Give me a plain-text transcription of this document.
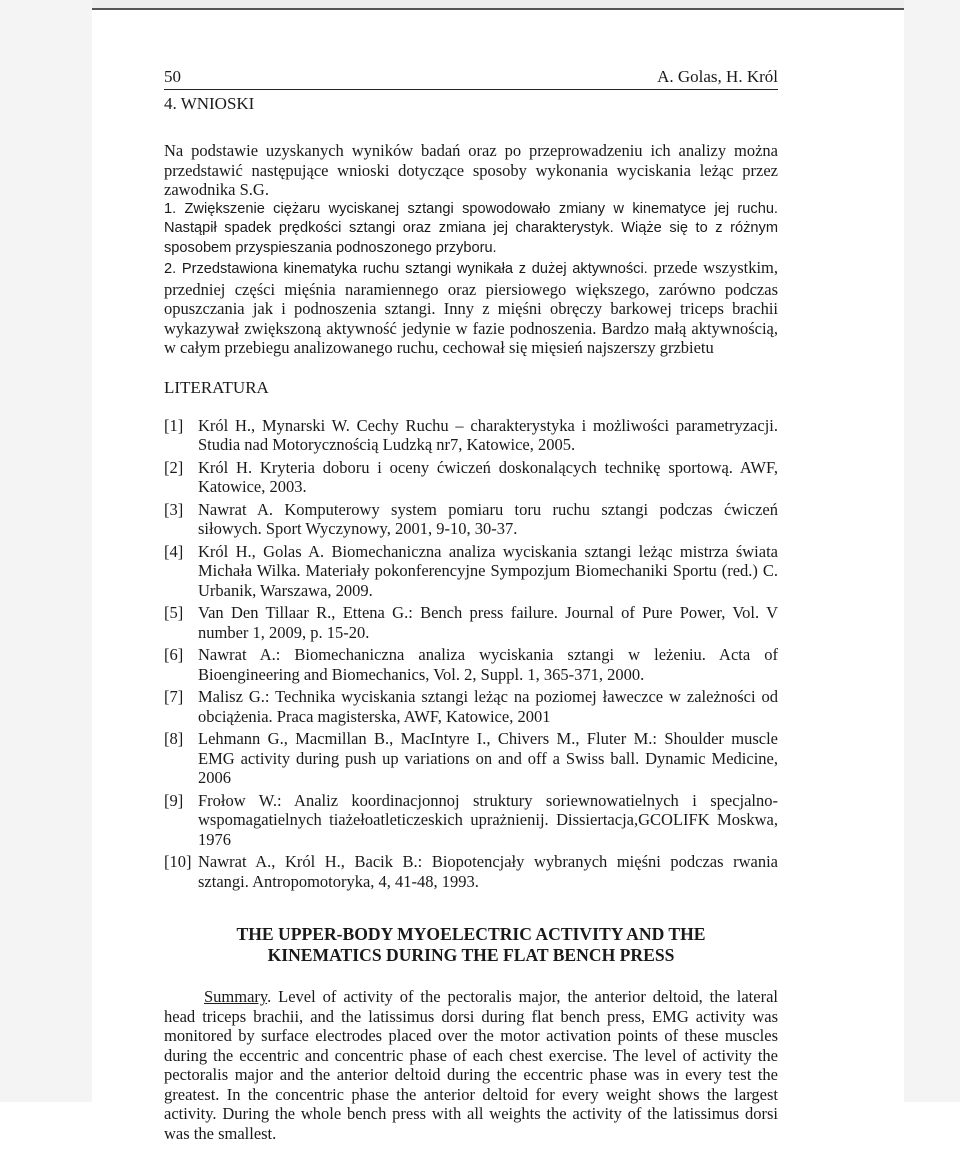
50	A. Golas, H. Król

4. WNIOSKI

Na podstawie uzyskanych wyników badań oraz po przeprowadzeniu ich analizy można przedstawić następujące wnioski dotyczące sposoby wykonania wyciskania leżąc przez zawodnika S.G.

1. Zwiększenie ciężaru wyciskanej sztangi spowodowało zmiany w kinematyce jej ruchu. Nastąpił spadek prędkości sztangi oraz zmiana jej charakterystyk. Wiąże się to z różnym sposobem przyspieszania podnoszonego przyboru.

2. Przedstawiona kinematyka ruchu sztangi wynikała z dużej aktywności. przede wszystkim, przedniej części mięśnia naramiennego oraz piersiowego większego, zarówno podczas opuszczania jak i podnoszenia sztangi. Inny z mięśni obręczy barkowej triceps brachii wykazywał zwiększoną aktywność jedynie w fazie podnoszenia. Bardzo małą aktywnością, w całym przebiegu analizowanego ruchu, cechował się mięsień najszerszy grzbietu

LITERATURA

[1] Król H., Mynarski W. Cechy Ruchu – charakterystyka i możliwości parametryzacji. Studia nad Motorycznością Ludzką nr7, Katowice, 2005.
[2] Król H. Kryteria doboru i oceny ćwiczeń doskonalących technikę sportową. AWF, Katowice, 2003.
[3] Nawrat A. Komputerowy system pomiaru toru ruchu sztangi podczas ćwiczeń siłowych. Sport Wyczynowy, 2001, 9-10, 30-37.
[4] Król H., Golas A. Biomechaniczna analiza wyciskania sztangi leżąc mistrza świata Michała Wilka. Materiały pokonferencyjne Sympozjum Biomechaniki Sportu (red.) C. Urbanik, Warszawa, 2009.
[5] Van Den Tillaar R., Ettena G.: Bench press failure. Journal of Pure Power, Vol. V number 1, 2009, p. 15-20.
[6] Nawrat A.: Biomechaniczna analiza wyciskania sztangi w leżeniu. Acta of Bioengineering and Biomechanics, Vol. 2, Suppl. 1, 365-371, 2000.
[7] Malisz G.: Technika wyciskania sztangi leżąc na poziomej ławeczce w zależności od obciążenia. Praca magisterska, AWF, Katowice, 2001
[8] Lehmann G., Macmillan B., MacIntyre I., Chivers M., Fluter M.: Shoulder muscle EMG activity during push up variations on and off a Swiss ball. Dynamic Medicine, 2006
[9] Frołow W.: Analiz koordinacjonnoj struktury soriewnowatielnych i specjalno-wspomagatielnych tiażełoatleticzeskich uprażnienij. Dissiertacja,GCOLIFK Moskwa, 1976
[10] Nawrat A., Król H., Bacik B.: Biopotencjały wybranych mięśni podczas rwania sztangi. Antropomotoryka, 4, 41-48, 1993.
THE UPPER-BODY MYOELECTRIC ACTIVITY AND THE
KINEMATICS DURING THE FLAT BENCH PRESS

Summary. Level of activity of the pectoralis major, the anterior deltoid, the lateral head triceps brachii, and the latissimus dorsi during flat bench press, EMG activity was monitored by surface electrodes placed over the motor activation points of these muscles during the eccentric and concentric phase of each chest exercise. The level of activity the pectoralis major and the anterior deltoid during the eccentric phase was in every test the greatest. In the concentric phase the anterior deltoid for every weight shows the largest activity. During the whole bench press with all weights the activity of the latissimus dorsi was the smallest.
